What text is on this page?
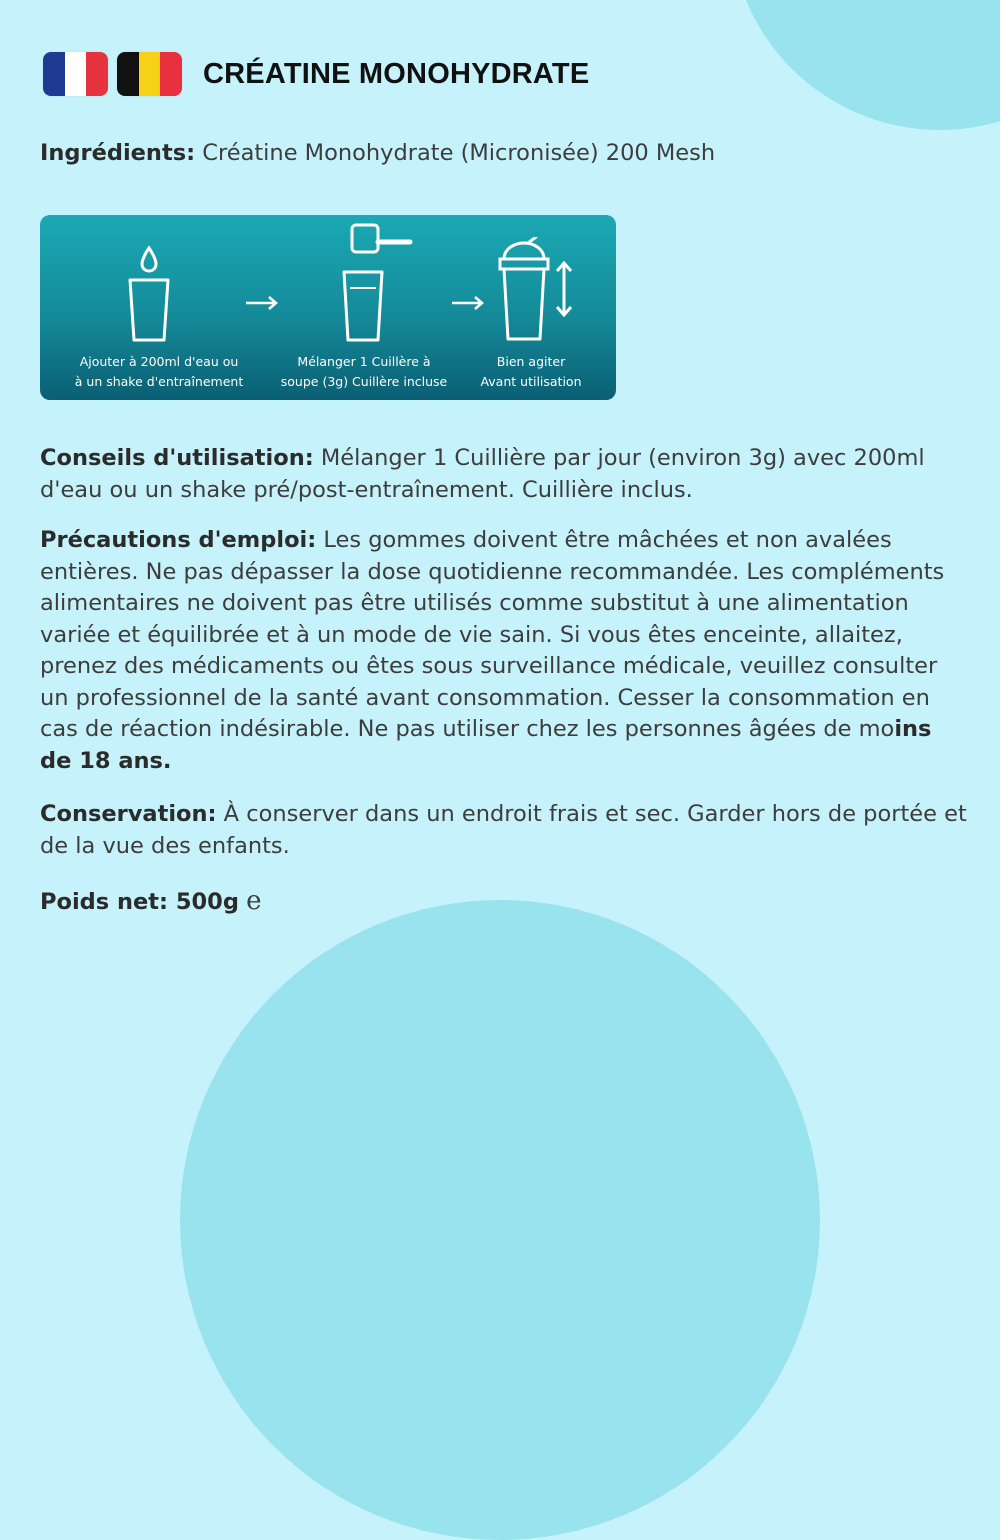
CRÉATINE MONOHYDRATE

Ingrédients: Créatine Monohydrate (Micronisée) 200 Mesh

Ajouter à 200ml d'eau ou
à un shake d'entraînement
Mélanger 1 Cuillère à
soupe (3g) Cuillère incluse
Bien agiter
Avant utilisation

Conseils d'utilisation: Mélanger 1 Cuillière par jour (environ 3g) avec 200ml d'eau ou un shake pré/post-entraînement. Cuillière inclus.

Précautions d'emploi: Les gommes doivent être mâchées et non avalées entières. Ne pas dépasser la dose quotidienne recommandée. Les compléments alimentaires ne doivent pas être utilisés comme substitut à une alimentation variée et équilibrée et à un mode de vie sain. Si vous êtes enceinte, allaitez, prenez des médicaments ou êtes sous surveillance médicale, veuillez consulter un professionnel de la santé avant consommation. Cesser la consommation en cas de réaction indésirable. Ne pas utiliser chez les personnes âgées de moins de 18 ans.

Conservation: À conserver dans un endroit frais et sec. Garder hors de portée et de la vue des enfants.

Poids net: 500g e
